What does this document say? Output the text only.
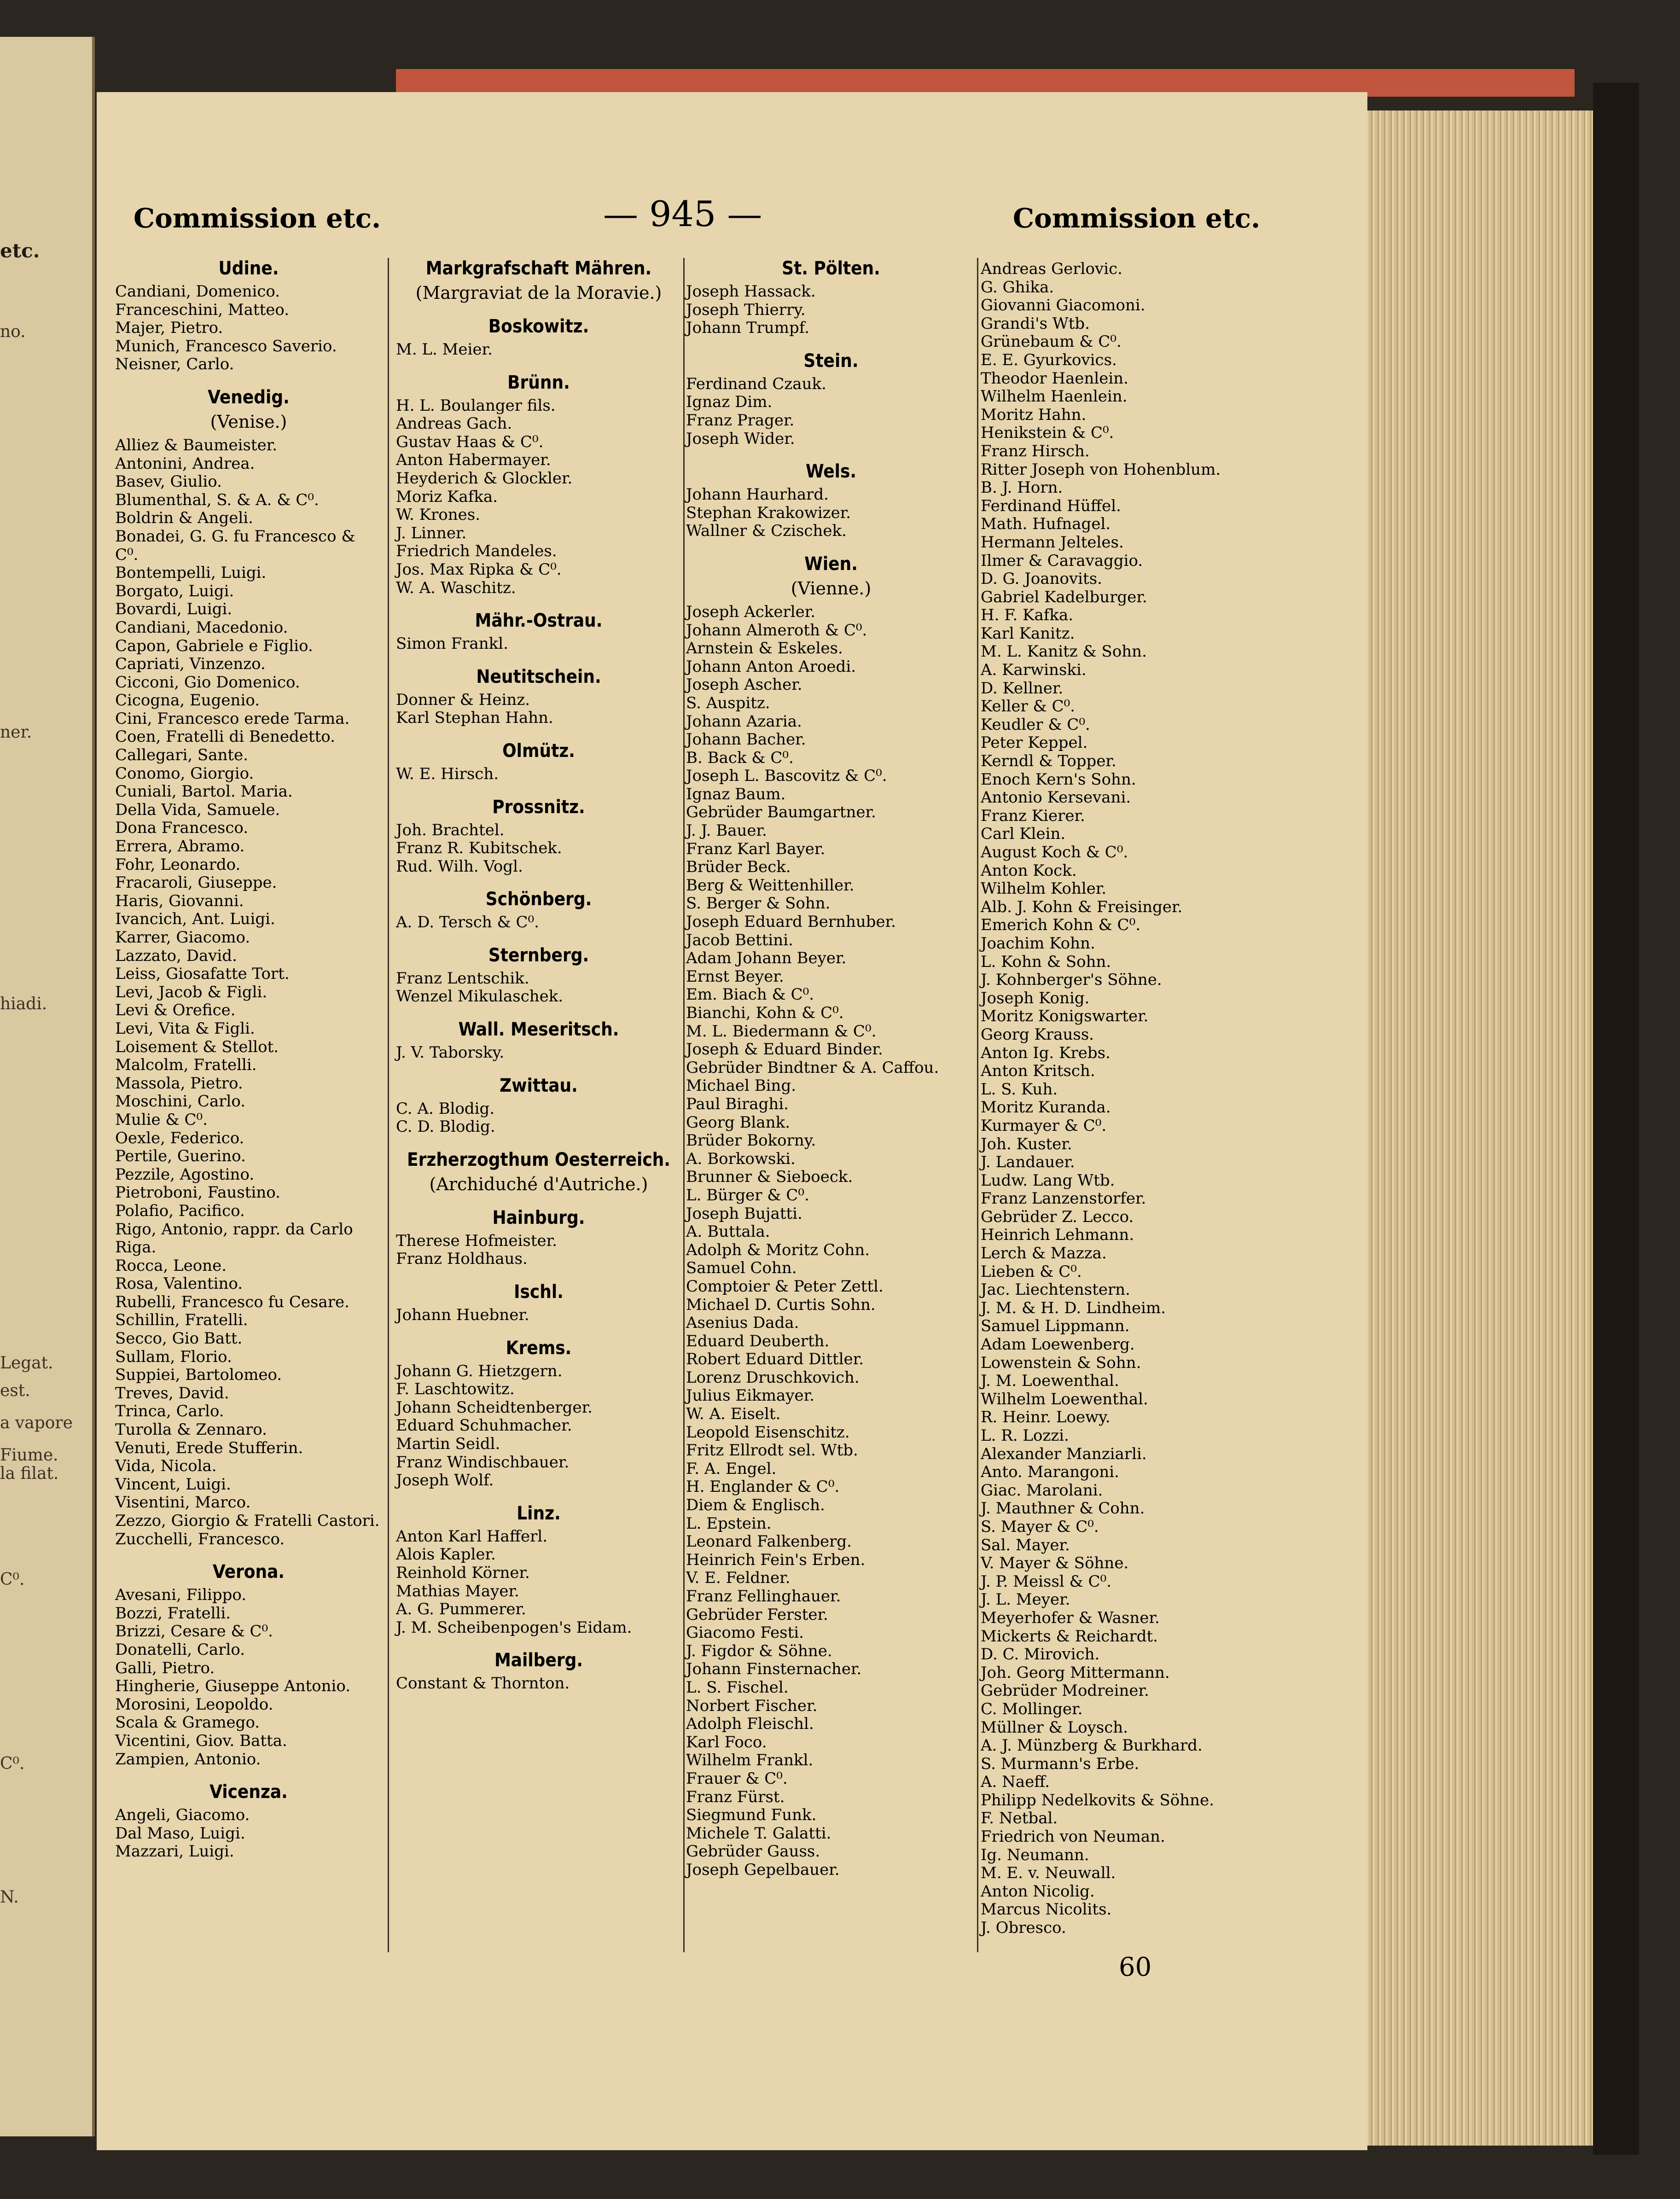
etc.
no.
ner.
hiadi.
Legat.
est.
a vapore
Fiume.
la filat.
C⁰.
C⁰.
N.
Commission etc.	— 945 —	Commission etc.
Udine.
Candiani, Domenico.
Franceschini, Matteo.
Majer, Pietro.
Munich, Francesco Saverio.
Neisner, Carlo.
Venedig.
(Venise.)
Alliez & Baumeister.
Antonini, Andrea.
Basev, Giulio.
Blumenthal, S. & A. & C⁰.
Boldrin & Angeli.
Bonadei, G. G. fu Francesco & C⁰.
Bontempelli, Luigi.
Borgato, Luigi.
Bovardi, Luigi.
Candiani, Macedonio.
Capon, Gabriele e Figlio.
Capriati, Vinzenzo.
Cicconi, Gio Domenico.
Cicogna, Eugenio.
Cini, Francesco erede Tarma.
Coen, Fratelli di Benedetto.
Callegari, Sante.
Conomo, Giorgio.
Cuniali, Bartol. Maria.
Della Vida, Samuele.
Dona Francesco.
Errera, Abramo.
Fohr, Leonardo.
Fracaroli, Giuseppe.
Haris, Giovanni.
Ivancich, Ant. Luigi.
Karrer, Giacomo.
Lazzato, David.
Leiss, Giosafatte Tort.
Levi, Jacob & Figli.
Levi & Orefice.
Levi, Vita & Figli.
Loisement & Stellot.
Malcolm, Fratelli.
Massola, Pietro.
Moschini, Carlo.
Mulie & C⁰.
Oexle, Federico.
Pertile, Guerino.
Pezzile, Agostino.
Pietroboni, Faustino.
Polafio, Pacifico.
Rigo, Antonio, rappr. da Carlo Riga.
Rocca, Leone.
Rosa, Valentino.
Rubelli, Francesco fu Cesare.
Schillin, Fratelli.
Secco, Gio Batt.
Sullam, Florio.
Suppiei, Bartolomeo.
Treves, David.
Trinca, Carlo.
Turolla & Zennaro.
Venuti, Erede Stufferin.
Vida, Nicola.
Vincent, Luigi.
Visentini, Marco.
Zezzo, Giorgio & Fratelli Castori.
Zucchelli, Francesco.
Verona.
Avesani, Filippo.
Bozzi, Fratelli.
Brizzi, Cesare & C⁰.
Donatelli, Carlo.
Galli, Pietro.
Hingherie, Giuseppe Antonio.
Morosini, Leopoldo.
Scala & Gramego.
Vicentini, Giov. Batta.
Zampien, Antonio.
Vicenza.
Angeli, Giacomo.
Dal Maso, Luigi.
Mazzari, Luigi.
Markgrafschaft Mähren.
(Margraviat de la Moravie.)
Boskowitz.
M. L. Meier.
Brünn.
H. L. Boulanger fils.
Andreas Gach.
Gustav Haas & C⁰.
Anton Habermayer.
Heyderich & Glockler.
Moriz Kafka.
W. Krones.
J. Linner.
Friedrich Mandeles.
Jos. Max Ripka & C⁰.
W. A. Waschitz.
Mähr.-Ostrau.
Simon Frankl.
Neutitschein.
Donner & Heinz.
Karl Stephan Hahn.
Olmütz.
W. E. Hirsch.
Prossnitz.
Joh. Brachtel.
Franz R. Kubitschek.
Rud. Wilh. Vogl.
Schönberg.
A. D. Tersch & C⁰.
Sternberg.
Franz Lentschik.
Wenzel Mikulaschek.
Wall. Meseritsch.
J. V. Taborsky.
Zwittau.
C. A. Blodig.
C. D. Blodig.
Erzherzogthum Oesterreich.
(Archiduché d'Autriche.)
Hainburg.
Therese Hofmeister.
Franz Holdhaus.
Ischl.
Johann Huebner.
Krems.
Johann G. Hietzgern.
F. Laschtowitz.
Johann Scheidtenberger.
Eduard Schuhmacher.
Martin Seidl.
Franz Windischbauer.
Joseph Wolf.
Linz.
Anton Karl Hafferl.
Alois Kapler.
Reinhold Körner.
Mathias Mayer.
A. G. Pummerer.
J. M. Scheibenpogen's Eidam.
Mailberg.
Constant & Thornton.
St. Pölten.
Joseph Hassack.
Joseph Thierry.
Johann Trumpf.
Stein.
Ferdinand Czauk.
Ignaz Dim.
Franz Prager.
Joseph Wider.
Wels.
Johann Haurhard.
Stephan Krakowizer.
Wallner & Czischek.
Wien.
(Vienne.)
Joseph Ackerler.
Johann Almeroth & C⁰.
Arnstein & Eskeles.
Johann Anton Aroedi.
Joseph Ascher.
S. Auspitz.
Johann Azaria.
Johann Bacher.
B. Back & C⁰.
Joseph L. Bascovitz & C⁰.
Ignaz Baum.
Gebrüder Baumgartner.
J. J. Bauer.
Franz Karl Bayer.
Brüder Beck.
Berg & Weittenhiller.
S. Berger & Sohn.
Joseph Eduard Bernhuber.
Jacob Bettini.
Adam Johann Beyer.
Ernst Beyer.
Em. Biach & C⁰.
Bianchi, Kohn & C⁰.
M. L. Biedermann & C⁰.
Joseph & Eduard Binder.
Gebrüder Bindtner & A. Caffou.
Michael Bing.
Paul Biraghi.
Georg Blank.
Brüder Bokorny.
A. Borkowski.
Brunner & Sieboeck.
L. Bürger & C⁰.
Joseph Bujatti.
A. Buttala.
Adolph & Moritz Cohn.
Samuel Cohn.
Comptoier & Peter Zettl.
Michael D. Curtis Sohn.
Asenius Dada.
Eduard Deuberth.
Robert Eduard Dittler.
Lorenz Druschkovich.
Julius Eikmayer.
W. A. Eiselt.
Leopold Eisenschitz.
Fritz Ellrodt sel. Wtb.
F. A. Engel.
H. Englander & C⁰.
Diem & Englisch.
L. Epstein.
Leonard Falkenberg.
Heinrich Fein's Erben.
V. E. Feldner.
Franz Fellinghauer.
Gebrüder Ferster.
Giacomo Festi.
J. Figdor & Söhne.
Johann Finsternacher.
L. S. Fischel.
Norbert Fischer.
Adolph Fleischl.
Karl Foco.
Wilhelm Frankl.
Frauer & C⁰.
Franz Fürst.
Siegmund Funk.
Michele T. Galatti.
Gebrüder Gauss.
Joseph Gepelbauer.
Andreas Gerlovic.
G. Ghika.
Giovanni Giacomoni.
Grandi's Wtb.
Grünebaum & C⁰.
E. E. Gyurkovics.
Theodor Haenlein.
Wilhelm Haenlein.
Moritz Hahn.
Henikstein & C⁰.
Franz Hirsch.
Ritter Joseph von Hohenblum.
B. J. Horn.
Ferdinand Hüffel.
Math. Hufnagel.
Hermann Jelteles.
Ilmer & Caravaggio.
D. G. Joanovits.
Gabriel Kadelburger.
H. F. Kafka.
Karl Kanitz.
M. L. Kanitz & Sohn.
A. Karwinski.
D. Kellner.
Keller & C⁰.
Keudler & C⁰.
Peter Keppel.
Kerndl & Topper.
Enoch Kern's Sohn.
Antonio Kersevani.
Franz Kierer.
Carl Klein.
August Koch & C⁰.
Anton Kock.
Wilhelm Kohler.
Alb. J. Kohn & Freisinger.
Emerich Kohn & C⁰.
Joachim Kohn.
L. Kohn & Sohn.
J. Kohnberger's Söhne.
Joseph Konig.
Moritz Konigswarter.
Georg Krauss.
Anton Ig. Krebs.
Anton Kritsch.
L. S. Kuh.
Moritz Kuranda.
Kurmayer & C⁰.
Joh. Kuster.
J. Landauer.
Ludw. Lang Wtb.
Franz Lanzenstorfer.
Gebrüder Z. Lecco.
Heinrich Lehmann.
Lerch & Mazza.
Lieben & C⁰.
Jac. Liechtenstern.
J. M. & H. D. Lindheim.
Samuel Lippmann.
Adam Loewenberg.
Lowenstein & Sohn.
J. M. Loewenthal.
Wilhelm Loewenthal.
R. Heinr. Loewy.
L. R. Lozzi.
Alexander Manziarli.
Anto. Marangoni.
Giac. Marolani.
J. Mauthner & Cohn.
S. Mayer & C⁰.
Sal. Mayer.
V. Mayer & Söhne.
J. P. Meissl & C⁰.
J. L. Meyer.
Meyerhofer & Wasner.
Mickerts & Reichardt.
D. C. Mirovich.
Joh. Georg Mittermann.
Gebrüder Modreiner.
C. Mollinger.
Müllner & Loysch.
A. J. Münzberg & Burkhard.
S. Murmann's Erbe.
A. Naeff.
Philipp Nedelkovits & Söhne.
F. Netbal.
Friedrich von Neuman.
Ig. Neumann.
M. E. v. Neuwall.
Anton Nicolig.
Marcus Nicolits.
J. Obresco.
60
